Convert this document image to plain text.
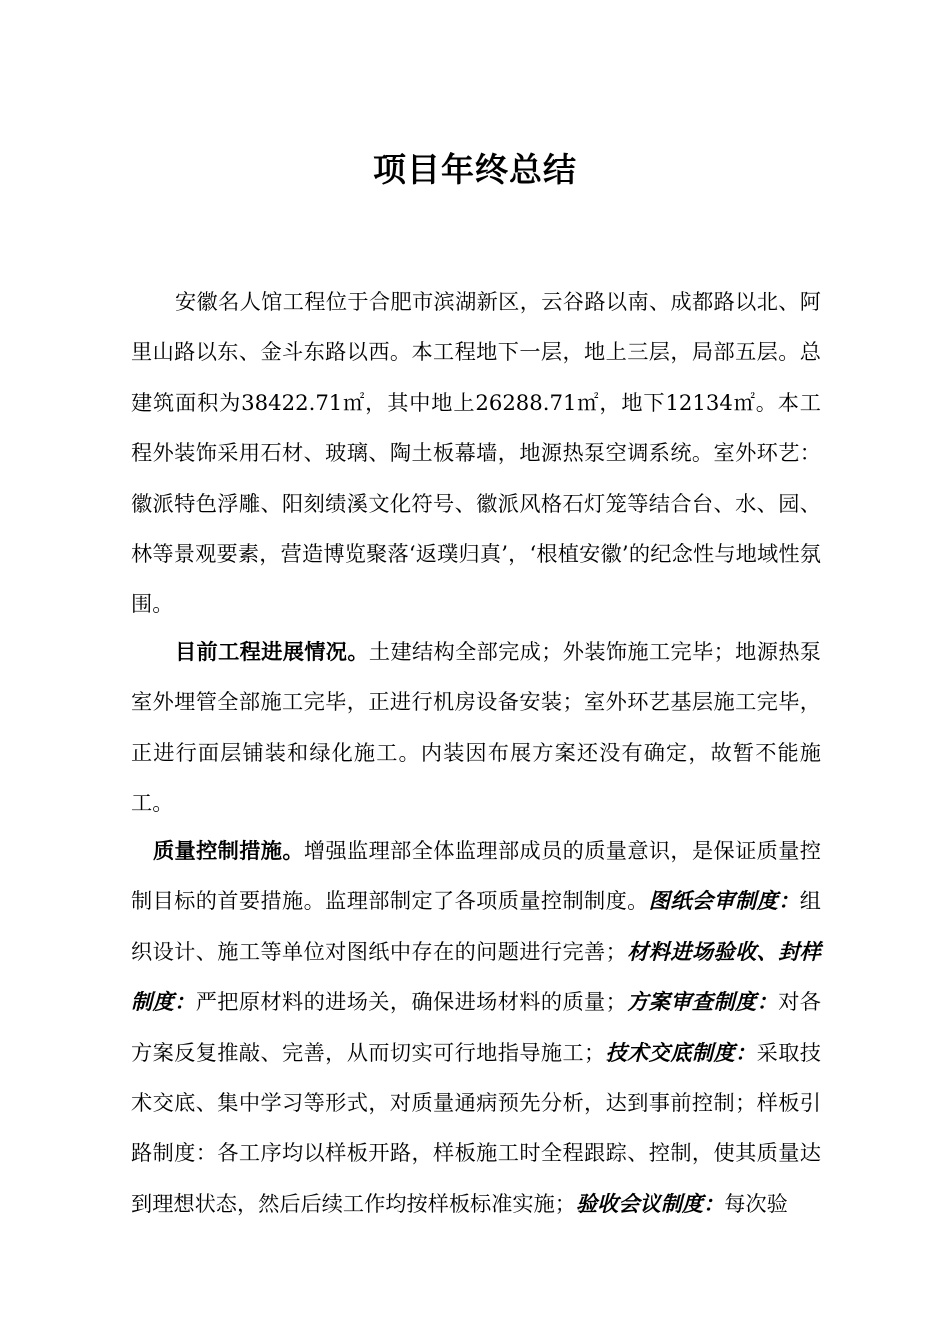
项目年终总结

安徽名人馆工程位于合肥市滨湖新区，云谷路以南、成都路以北、阿里山路以东、金斗东路以西。本工程地下一层，地上三层，局部五层。总建筑面积为38422.71㎡，其中地上26288.71㎡，地下12134㎡。本工程外装饰采用石材、玻璃、陶土板幕墙，地源热泵空调系统。室外环艺：徽派特色浮雕、阳刻绩溪文化符号、徽派风格石灯笼等结合台、水、园、林等景观要素，营造博览聚落‘返璞归真’，‘根植安徽’的纪念性与地域性氛围。

目前工程进展情况。土建结构全部完成；外装饰施工完毕；地源热泵室外埋管全部施工完毕，正进行机房设备安装；室外环艺基层施工完毕，正进行面层铺装和绿化施工。内装因布展方案还没有确定，故暂不能施工。

质量控制措施。增强监理部全体监理部成员的质量意识，是保证质量控制目标的首要措施。监理部制定了各项质量控制制度。图纸会审制度：组织设计、施工等单位对图纸中存在的问题进行完善；材料进场验收、封样制度：严把原材料的进场关，确保进场材料的质量；方案审查制度：对各方案反复推敲、完善，从而切实可行地指导施工；技术交底制度：采取技术交底、集中学习等形式，对质量通病预先分析，达到事前控制；样板引路制度：各工序均以样板开路，样板施工时全程跟踪、控制，使其质量达到理想状态，然后后续工作均按样板标准实施；验收会议制度：每次验
